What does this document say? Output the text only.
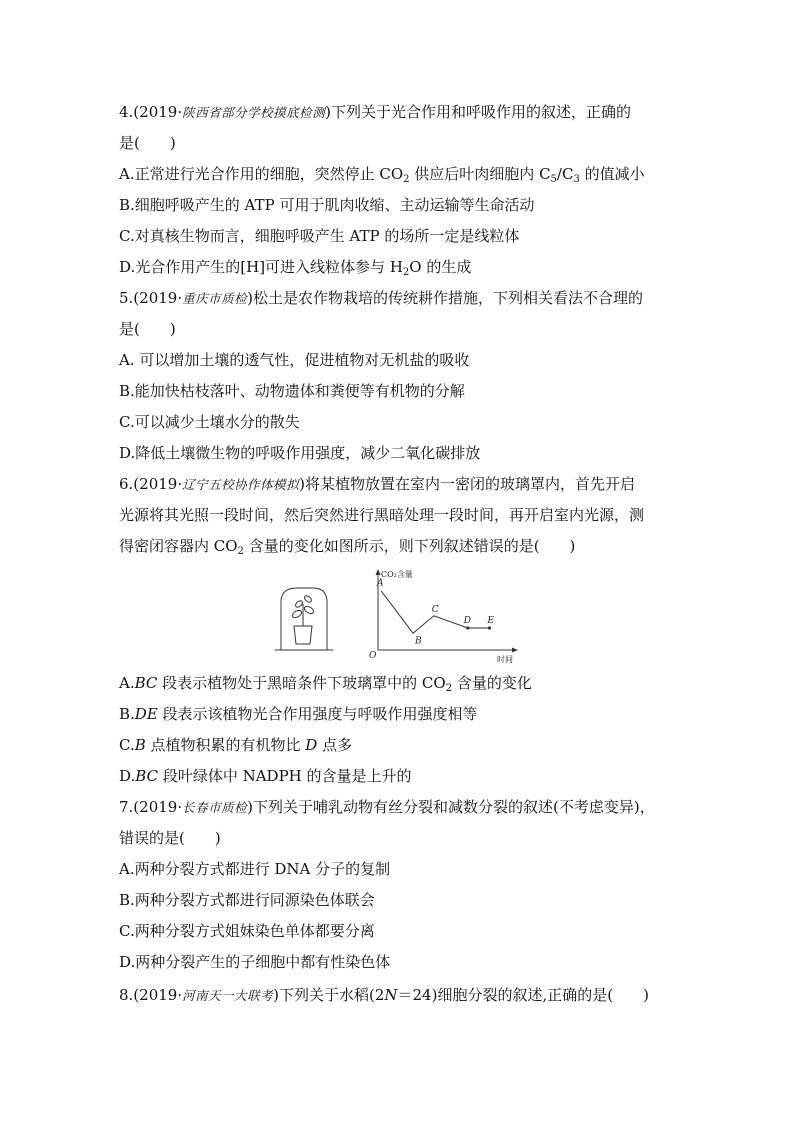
4.(2019·陕西省部分学校摸底检测)下列关于光合作用和呼吸作用的叙述，正确的
是( )
A.正常进行光合作用的细胞，突然停止 $CO_2$ 供应后叶肉细胞内 $C_5/C_3$ 的值减小
B.细胞呼吸产生的 ATP 可用于肌肉收缩、主动运输等生命活动
C.对真核生物而言，细胞呼吸产生 ATP 的场所一定是线粒体
D.光合作用产生的[H]可进入线粒体参与 $H_2O$ 的生成
5.(2019·重庆市质检)松土是农作物栽培的传统耕作措施，下列相关看法不合理的
是( )
A. 可以增加土壤的透气性，促进植物对无机盐的吸收
B.能加快枯枝落叶、动物遗体和粪便等有机物的分解
C.可以减少土壤水分的散失
D.降低土壤微生物的呼吸作用强度，减少二氧化碳排放
6.(2019·辽宁五校协作体模拟)将某植物放置在室内一密闭的玻璃罩内，首先开启
光源将其光照一段时间，然后突然进行黑暗处理一段时间，再开启室内光源，测
得密闭容器内 $CO_2$ 含量的变化如图所示，则下列叙述错误的是( )
CO₂含量
时间
O
A
B
C
D E
A.BC 段表示植物处于黑暗条件下玻璃罩中的 $CO_2$ 含量的变化
B.DE 段表示该植物光合作用强度与呼吸作用强度相等
C.B 点植物积累的有机物比 D 点多
D.BC 段叶绿体中 NADPH 的含量是上升的
7.(2019·长春市质检)下列关于哺乳动物有丝分裂和减数分裂的叙述(不考虑变异)，
错误的是( )
A.两种分裂方式都进行 DNA 分子的复制
B.两种分裂方式都进行同源染色体联会
C.两种分裂方式姐妹染色单体都要分离
D.两种分裂产生的子细胞中都有性染色体
8.(2019·河南天一大联考)下列关于水稻(2N＝24)细胞分裂的叙述,正确的是( )
